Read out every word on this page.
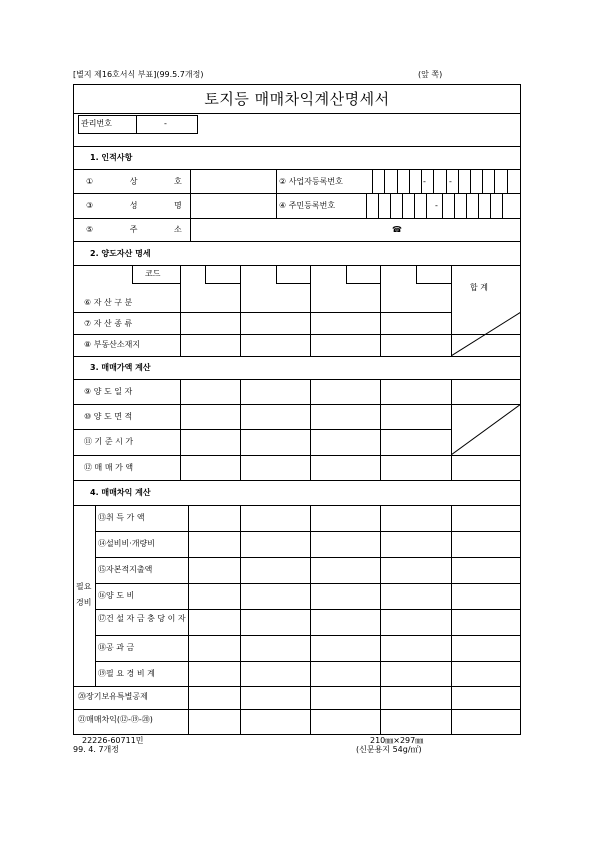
[별지 제16호서식 부표](99.5.7개정)	(앞 쪽)
토지등 매매차익계산명세서
관리번호	-
1. 인적사항
① 상 호	② 사업자등록번호	-	-
③ 성 명	④ 주민등록번호	-
⑤ 주 소	☎
2. 양도자산 명세
코드
합 계
⑥ 자 산 구 분
⑦ 자 산 종 류
⑧ 부동산소재지
3. 매매가액 계산
⑨ 양 도 일 자
⑩ 양 도 면 적
⑪ 기 준 시 가
⑫ 매 매 가 액
4. 매매차익 계산
필요
경비
⑬취 득 가 액
⑭설비비·개량비
⑮자본적지출액
⑯양 도 비
⑰건 설 자 금 충 당 이 자
⑱공 과 금
⑲필 요 경 비 계
⑳장기보유특별공제
㉑매매차익(⑫-⑲-⑳)
22226-60711민
99. 4. 7개정
210㎜×297㎜
(신문용지 54g/㎡)
